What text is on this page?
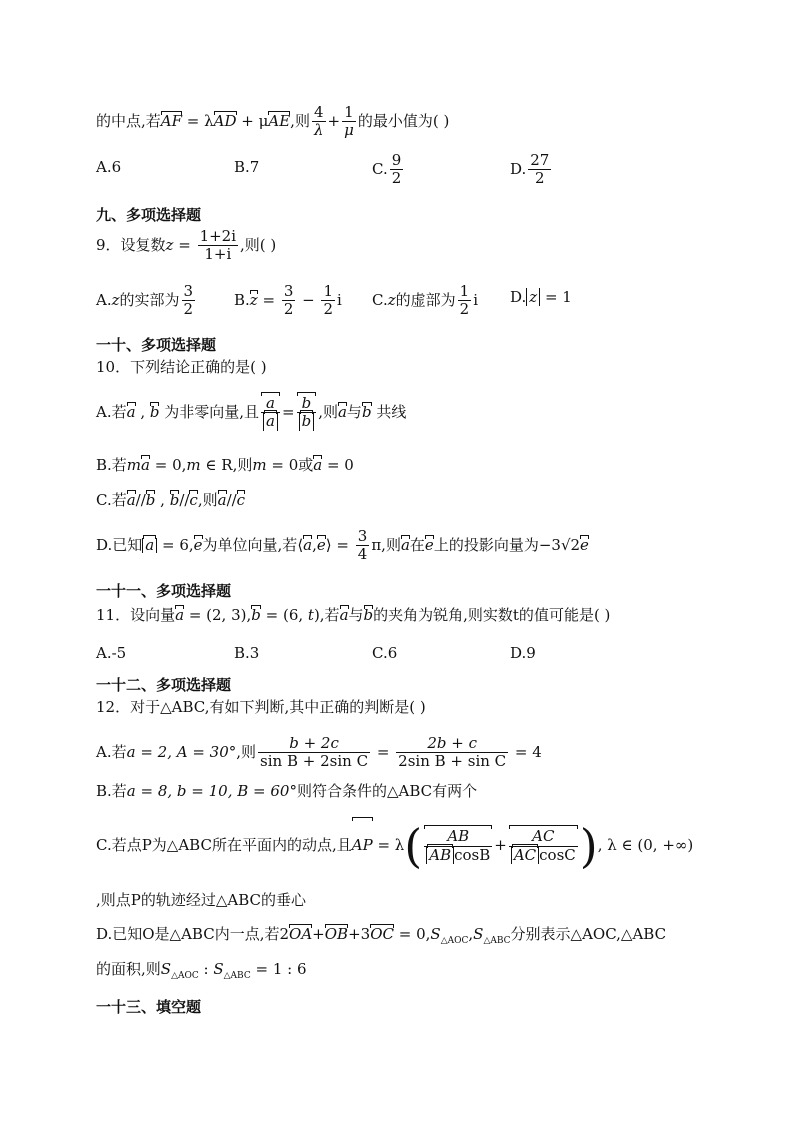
的中点,若AF = λAD + μAE,则 $\frac{4}{\lambda} + \frac{1}{\mu}$ 的最小值为( )
A.6	B.7	C. $\frac{9}{2}$	D. $\frac{27}{2}$
九、多项选择题
9．设复数$z = \frac{1+2i}{1+i}$ ,则( )
A.z的实部为 $\frac{3}{2}$	$B.z = \frac{3}{2} - \frac{1}{2}$ i C.z的虚部为 $\frac{1}{2}$ i D. z = 1
一十、多项选择题
10．下列结论正确的是( )
A.若a , b 为非零向量,且 $\frac{a}{a} = \frac{b}{b}$ ,则a与b 共线
B.若ma = 0,m ∈ R,则m = 0或a = 0
C.若a//b , b//c,则a//c
D.已知 a = 6,e为单位向量,若⟨a,e⟩ = $\frac{3}{4} \pi$,则a在e上的投影向量为−3√2e
一十一、多项选择题
11．设向量a = (2, 3),b = (6, t),若a与b的夹角为锐角,则实数t的值可能是( )
A.-5	B.3	C.6	D.9
一十二、多项选择题
12．对于△ABC,有如下判断,其中正确的判断是( )
A.若a = 2, A = 30°,则 $\frac{b + 2c}{\text{sin B + 2sin C}} = \frac{2b + c}{\text{2sin B + sin C}} = 4$
B.若a = 8, b = 10, B = 60°则符合条件的△ABC有两个
C.若点P为△ABC所在平面内的动点,且AP = $\lambda( \frac{AB}{\text{AB cosB}} + \frac{AC}{\text{AC cosC}}$ ), λ ∈ (0, +∞)
,则点P的轨迹经过△ABC的垂心
D.已知O是△ABC内一点,若$2OA+OB+3OC = 0,S_{\triangle AOC},S_{\triangle ABC}$分别表示△AOC,△ABC
的面积,则$S_{\triangle AOC}$ : $S_{\triangle ABC} = 1$ : 6
一十三、填空题
